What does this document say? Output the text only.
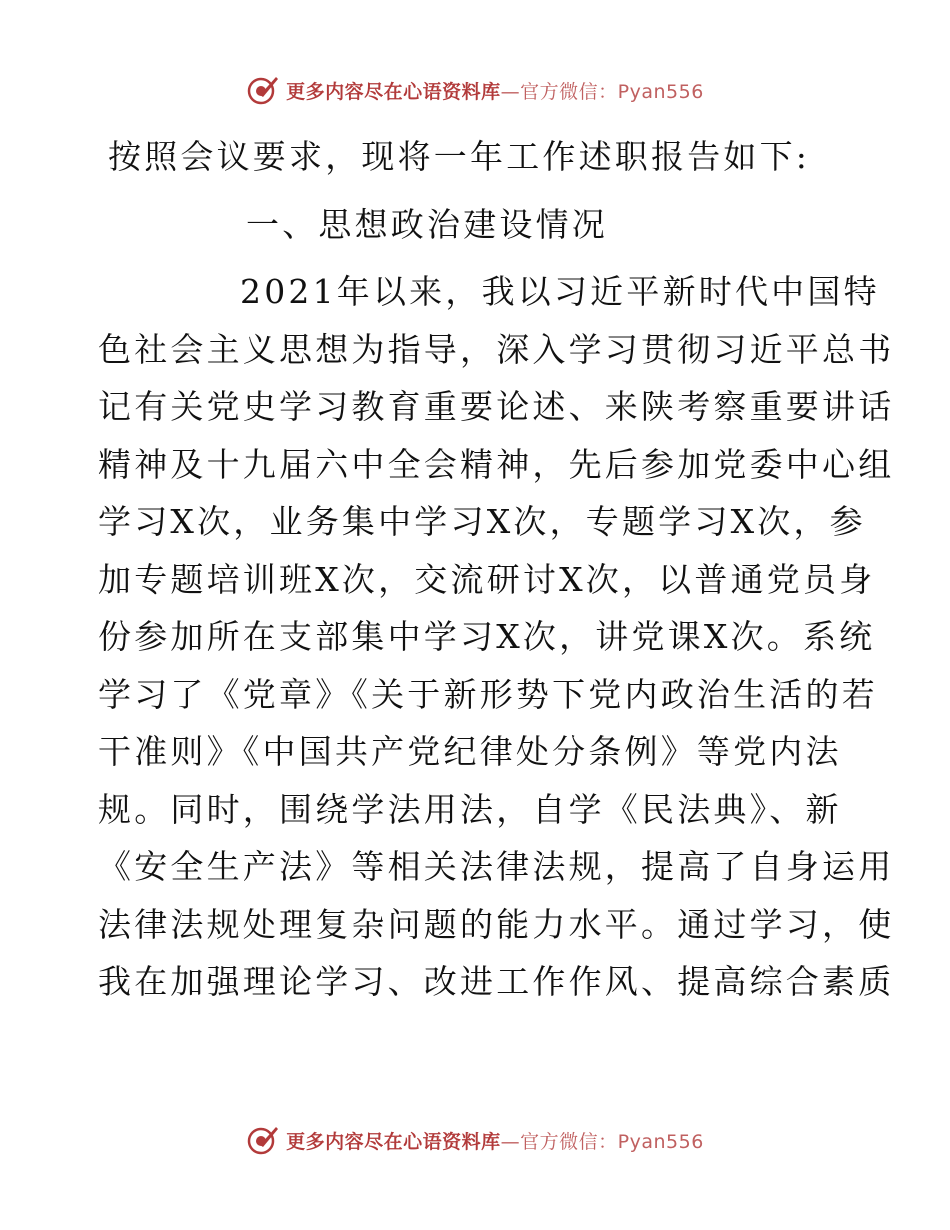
更多内容尽在心语资料库—官方微信：Pyan556
按照会议要求，现将一年工作述职报告如下:
一、思想政治建设情况
2021年以来，我以习近平新时代中国特
色社会主义思想为指导，深入学习贯彻习近平总书
记有关党史学习教育重要论述、来陕考察重要讲话
精神及十九届六中全会精神，先后参加党委中心组
学习X次，业务集中学习X次，专题学习X次，参
加专题培训班X次，交流研讨X次，以普通党员身
份参加所在支部集中学习X次，讲党课X次。系统
学习了《党章》《关于新形势下党内政治生活的若
干准则》《中国共产党纪律处分条例》等党内法
规。同时，围绕学法用法，自学《民法典》、新
《安全生产法》等相关法律法规，提高了自身运用
法律法规处理复杂问题的能力水平。通过学习，使
我在加强理论学习、改进工作作风、提高综合素质
更多内容尽在心语资料库—官方微信：Pyan556
